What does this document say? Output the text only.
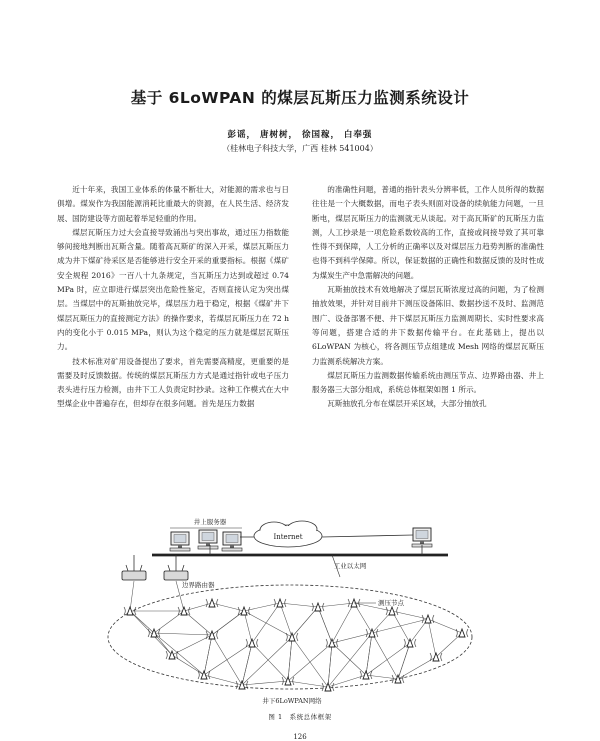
基于 6LoWPAN 的煤层瓦斯压力监测系统设计
彭谣， 唐树树， 徐国稼， 白奉强
（桂林电子科技大学，广西 桂林 541004）

近十年来，我国工业体系的体量不断壮大，对能源的需求也与日俱增。煤炭作为我国能源消耗比重最大的资源，在人民生活、经济发展、国防建设等方面起着举足轻重的作用。

煤层瓦斯压力过大会直接导致涌出与突出事故，通过压力指数能够间接地判断出瓦斯含量。随着高瓦斯矿的深入开采，煤层瓦斯压力成为井下煤矿待采区是否能够进行安全开采的重要指标。根据《煤矿安全规程 2016》一百八十九条规定，当瓦斯压力达到或超过 0.74 MPa 时，应立即进行煤层突出危险性鉴定，否则直接认定为突出煤层。当煤层中的瓦斯抽放完毕，煤层压力趋于稳定，根据《煤矿井下煤层瓦斯压力的直接测定方法》的操作要求，若煤层瓦斯压力在 72 h 内的变化小于 0.015 MPa，则认为这个稳定的压力就是煤层瓦斯压力。

技术标准对矿用设备提出了要求，首先需要高精度，更重要的是需要及时反馈数据。传统的煤层瓦斯压力方式是通过指针或电子压力表头进行压力检测，由井下工人负责定时抄录。这种工作模式在大中型煤企业中普遍存在，但却存在很多问题。首先是压力数据

的准确性问题，普通的指针表头分辨率低，工作人员所得的数据往往是一个大概数据，而电子表头则面对设备的续航能力问题，一旦断电，煤层瓦斯压力的监测就无从谈起。对于高瓦斯矿的瓦斯压力监测，人工抄录是一项危险系数较高的工作，直接或间接导致了其可靠性得不到保障，人工分析的正确率以及对煤层压力趋势判断的准确性也得不到科学保障。所以，保证数据的正确性和数据反馈的及时性成为煤炭生产中急需解决的问题。

瓦斯抽放技术有效地解决了煤层瓦斯浓度过高的问题，为了检测抽放效果，并针对目前井下测压设备陈旧、数据抄送不及时、监测范围广、设备部署不便、井下煤层瓦斯压力监测周期长、实时性要求高等问题，搭建合适的井下数据传输平台。在此基础上，提出以 6LoWPAN 为核心，将各测压节点组建成 Mesh 网络的煤层瓦斯压力监测系统解决方案。

煤层瓦斯压力监测数据传输系统由测压节点、边界路由器、井上服务器三大部分组成，系统总体框架如图 1 所示。

瓦斯抽放孔分布在煤层开采区域，大部分抽放孔

井上服务器
Internet
工业以太网
边界路由器
测压节点
井下6LoWPAN网络
图 1　系统总体框架
126
